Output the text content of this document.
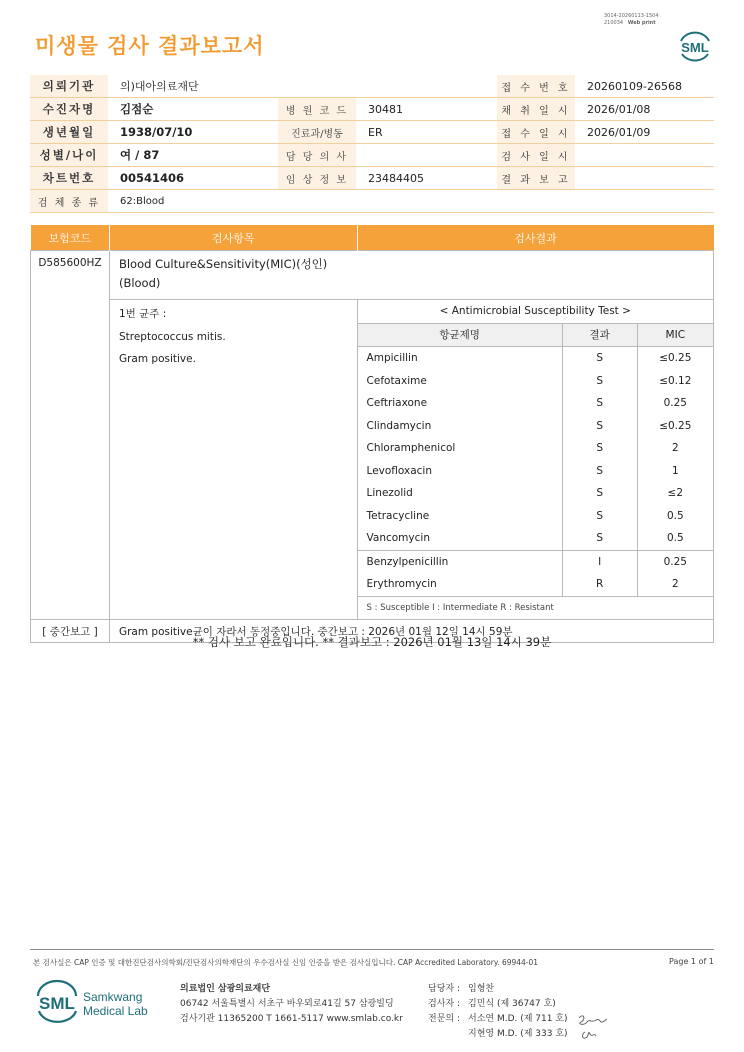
미생물 검사 결과보고서
3014-20260113-1504
210034 Web print
SML
의뢰기관	의)대아의료재단			접 수 번 호	20260109-26568
수진자명	김점순	병 원 코 드	30481	채 취 일 시	2026/01/08
생년월일	1938/07/10	진료과/병동	ER	접 수 일 시	2026/01/09
성별/나이	여 / 87	담 당 의 사		검 사 일 시	
차트번호	00541406	임 상 정 보	23484405	결 과 보 고	
검 체 종 류	62:Blood				
보험코드	검사항목	검사결과
D585600HZ	Blood Culture&Sensitivity(MIC)(성인)
(Blood)

1번 균주 :
Streptococcus mitis.
Gram positive.

< Antimicrobial Susceptibility Test >
항균제명	결과	MIC
Ampicillin	S	≤0.25
Cefotaxime	S	≤0.12
Ceftriaxone	S	0.25
Clindamycin	S	≤0.25
Chloramphenicol	S	2
Levofloxacin	S	1
Linezolid	S	≤2
Tetracycline	S	0.5
Vancomycin	S	0.5
Benzylpenicillin	I	0.25
Erythromycin	R	2
S : Susceptible I : Intermediate R : Resistant

[ 중간보고 ]	Gram positive균이 자라서 동정중입니다. 중간보고 : 2026년 01월 12일 14시 59분
** 검사 보고 완료입니다. ** 결과보고 : 2026년 01월 13일 14시 39분
본 검사실은 CAP 인증 및 대한진단검사의학회/진단검사의학재단의 우수검사실 신임 인증을 받은 검사실입니다. CAP Accredited Laboratory. 69944-01	Page 1 of 1
SML Samkwang
Medical Lab
의료법인 삼광의료재단
06742 서울특별시 서초구 바우뫼로41길 57 삼광빌딩
검사기관 11365200 T 1661-5117 www.smlab.co.kr
담당자 : 임형찬
검사자 : 김민식 (제 36747 호)
전문의 : 서소연 M.D. (제 711 호)
지현영 M.D. (제 333 호)
